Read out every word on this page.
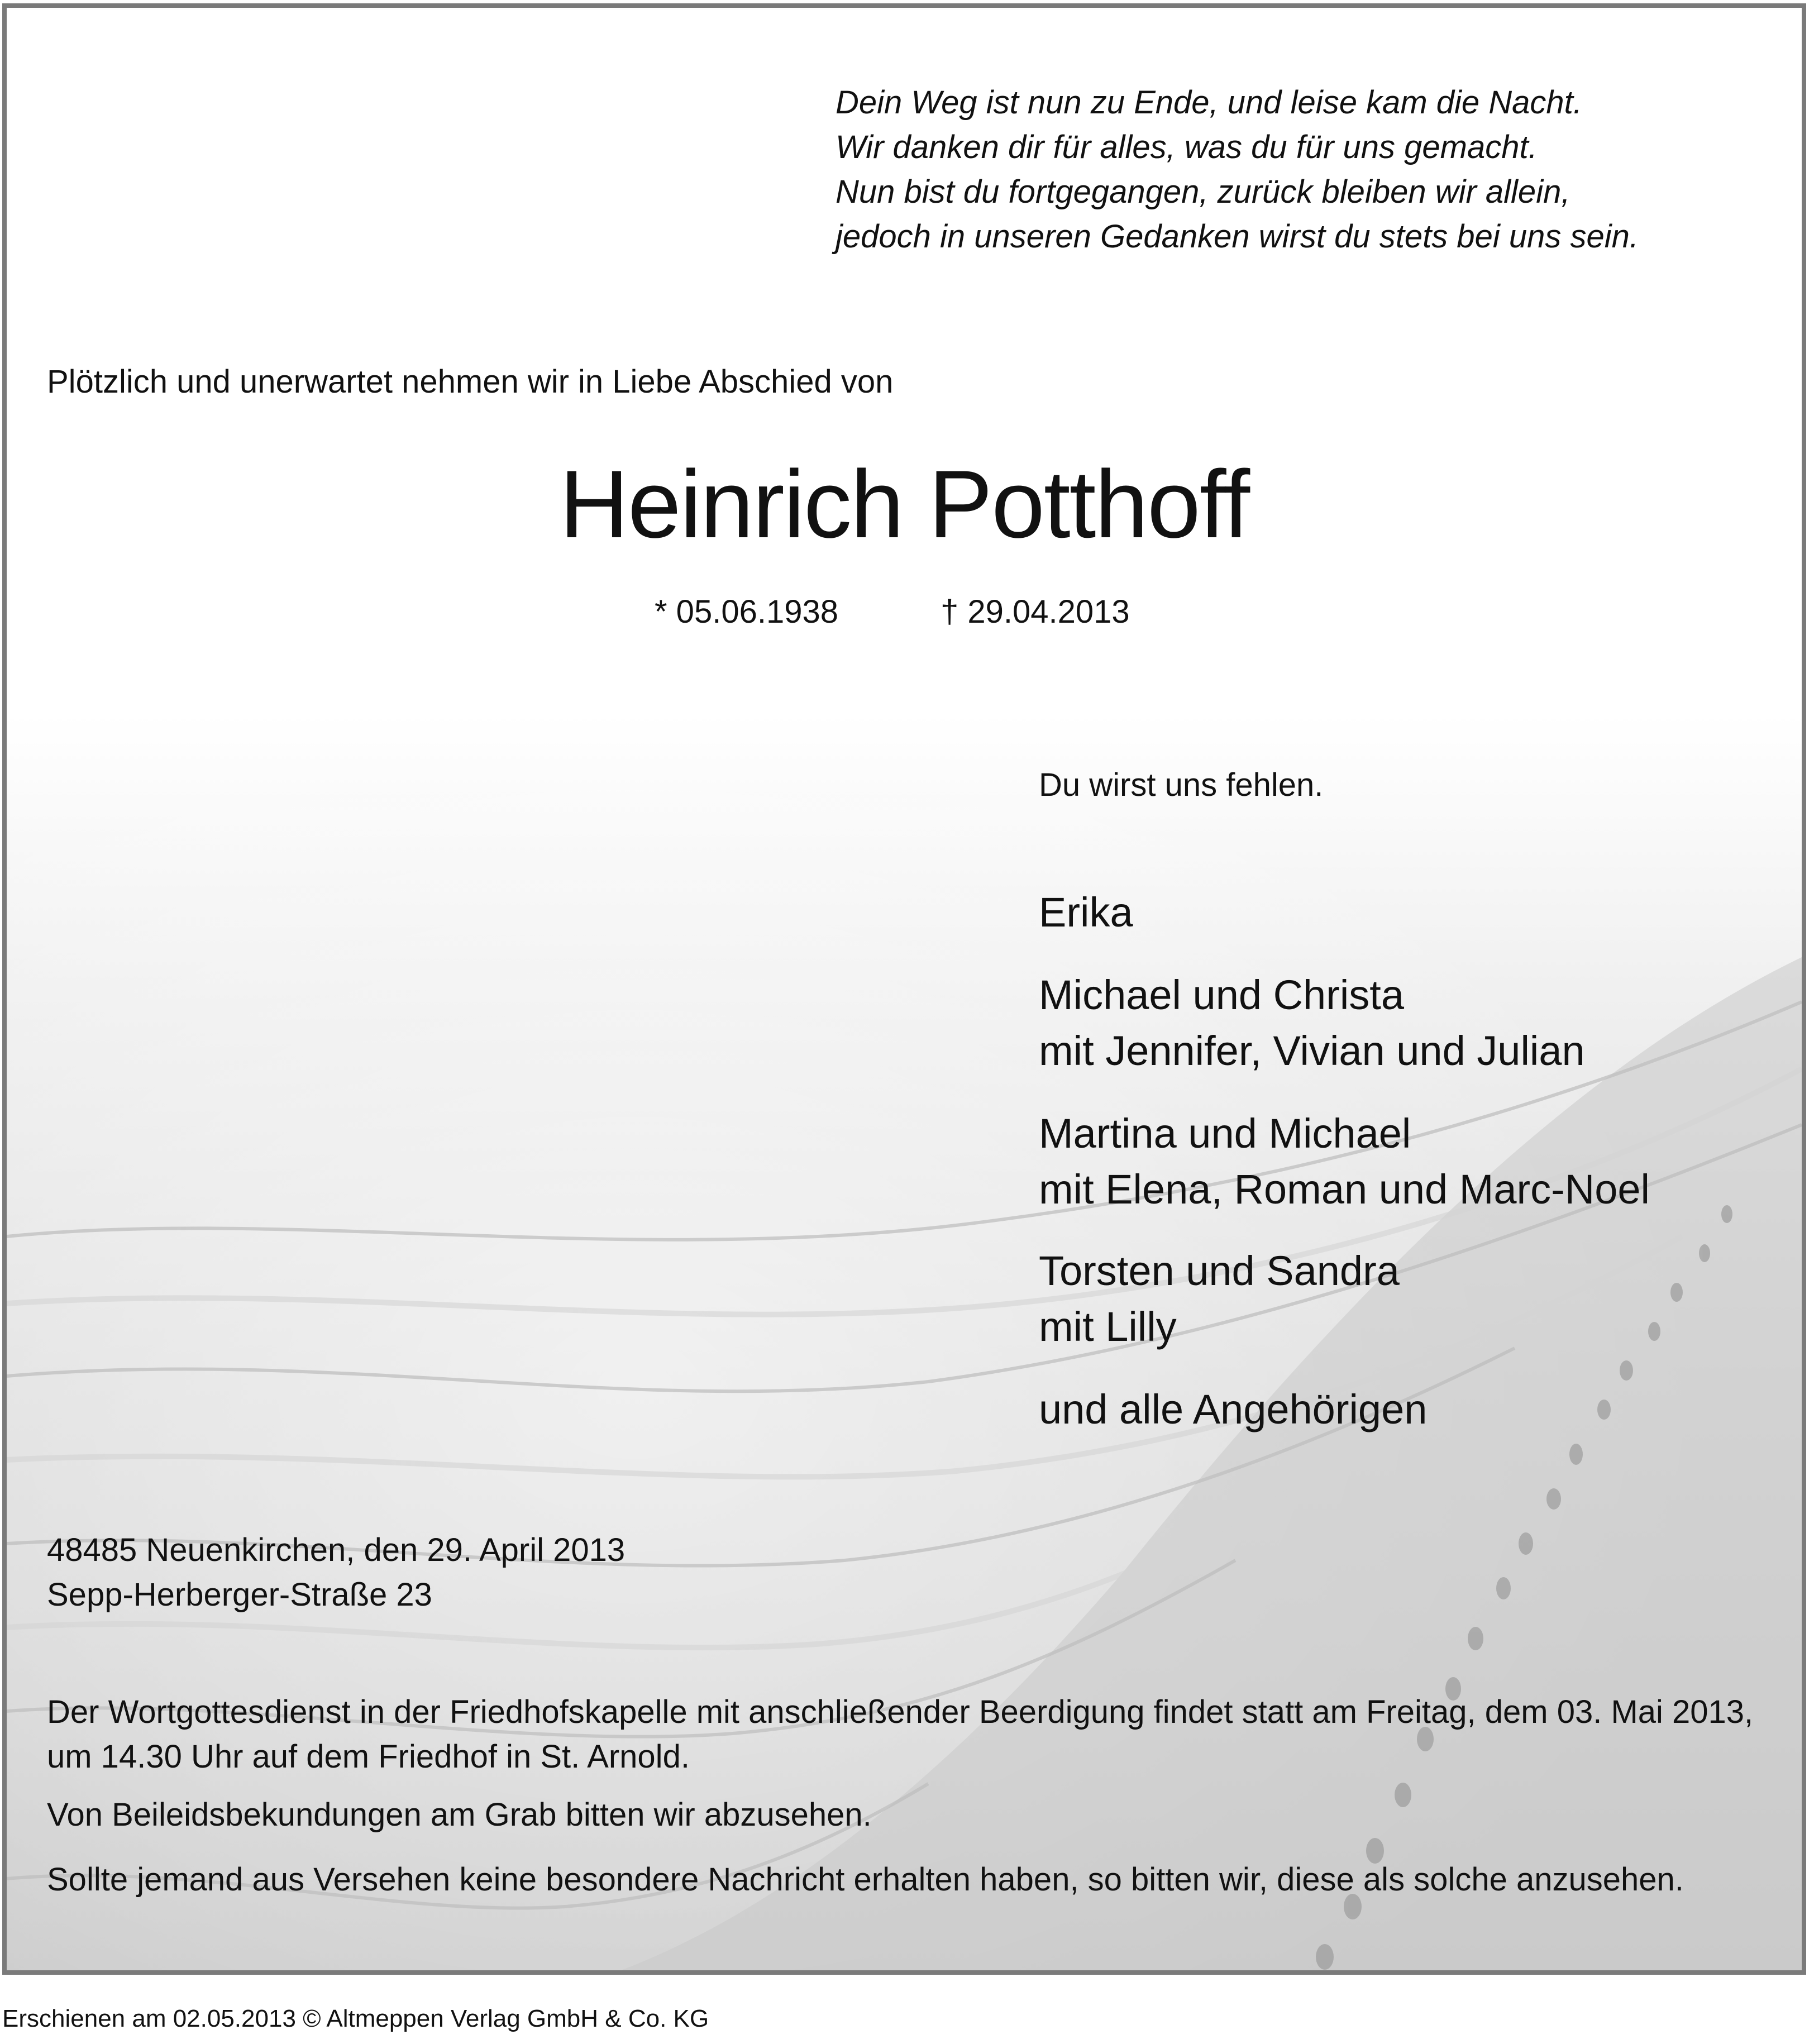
Dein Weg ist nun zu Ende, und leise kam die Nacht.
Wir danken dir für alles, was du für uns gemacht.
Nun bist du fortgegangen, zurück bleiben wir allein,
jedoch in unseren Gedanken wirst du stets bei uns sein.
Plötzlich und unerwartet nehmen wir in Liebe Abschied von
Heinrich Potthoff
* 05.06.1938	† 29.04.2013
Du wirst uns fehlen.
Erika
Michael und Christa
mit Jennifer, Vivian und Julian
Martina und Michael
mit Elena, Roman und Marc-Noel
Torsten und Sandra
mit Lilly
und alle Angehörigen
48485 Neuenkirchen, den 29. April 2013
Sepp-Herberger-Straße 23
Der Wortgottesdienst in der Friedhofskapelle mit anschließender Beerdigung findet statt am Freitag, dem 03. Mai 2013, um 14.30 Uhr auf dem Friedhof in St. Arnold.
Von Beileidsbekundungen am Grab bitten wir abzusehen.
Sollte jemand aus Versehen keine besondere Nachricht erhalten haben, so bitten wir, diese als solche anzusehen.
Erschienen am 02.05.2013 © Altmeppen Verlag GmbH & Co. KG
